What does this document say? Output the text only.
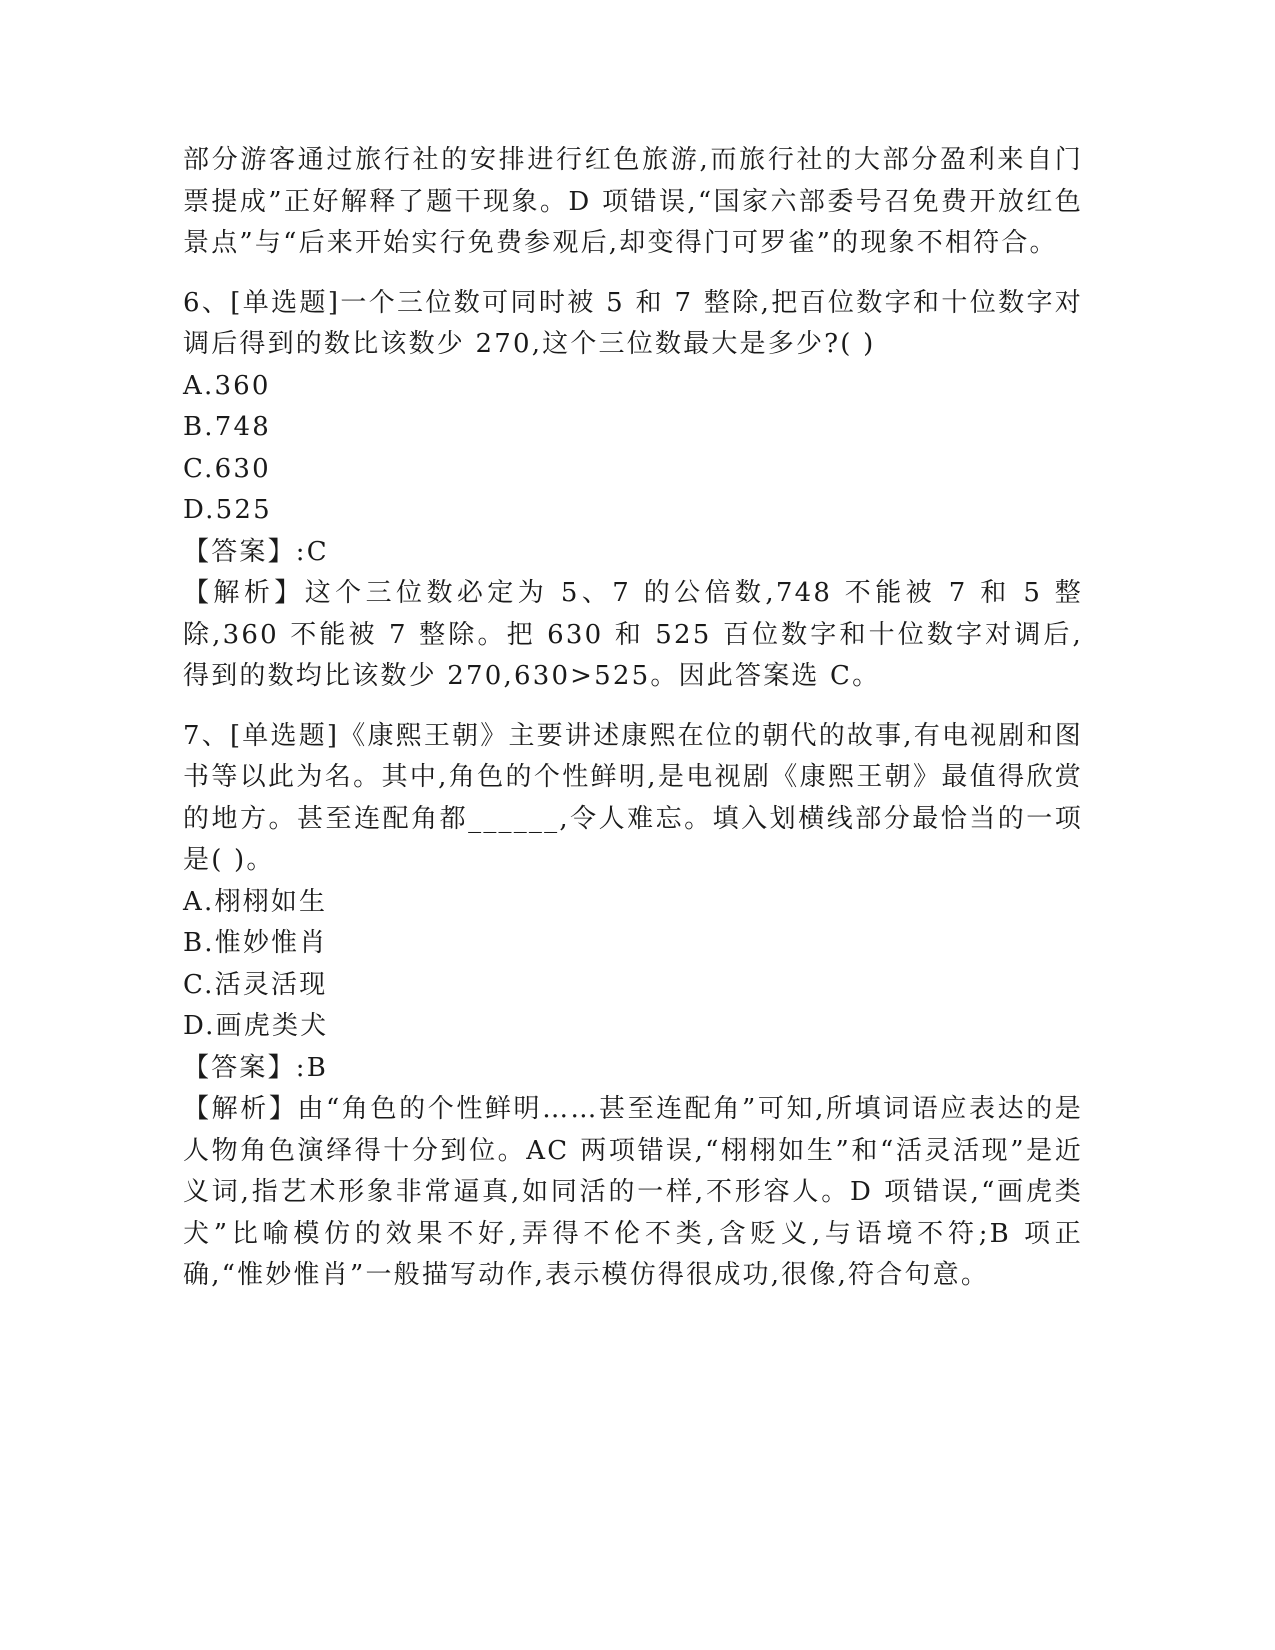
部分游客通过旅行社的安排进行红色旅游,而旅行社的大部分盈利来自门票提成”正好解释了题干现象。D 项错误,“国家六部委号召免费开放红色景点”与“后来开始实行免费参观后,却变得门可罗雀”的现象不相符合。

6、[单选题]一个三位数可同时被 5 和 7 整除,把百位数字和十位数字对调后得到的数比该数少 270,这个三位数最大是多少?( )

A.360

B.748

C.630

D.525

【答案】:C

【解析】这个三位数必定为 5、7 的公倍数,748 不能被 7 和 5 整除,360 不能被 7 整除。把 630 和 525 百位数字和十位数字对调后,得到的数均比该数少 270,630>525。因此答案选 C。

7、[单选题]《康熙王朝》主要讲述康熙在位的朝代的故事,有电视剧和图书等以此为名。其中,角色的个性鲜明,是电视剧《康熙王朝》最值得欣赏的地方。甚至连配角都______,令人难忘。填入划横线部分最恰当的一项是( )。

A.栩栩如生

B.惟妙惟肖

C.活灵活现

D.画虎类犬

【答案】:B

【解析】由“角色的个性鲜明……甚至连配角”可知,所填词语应表达的是人物角色演绎得十分到位。AC 两项错误,“栩栩如生”和“活灵活现”是近义词,指艺术形象非常逼真,如同活的一样,不形容人。D 项错误,“画虎类犬”比喻模仿的效果不好,弄得不伦不类,含贬义,与语境不符;B 项正确,“惟妙惟肖”一般描写动作,表示模仿得很成功,很像,符合句意。
